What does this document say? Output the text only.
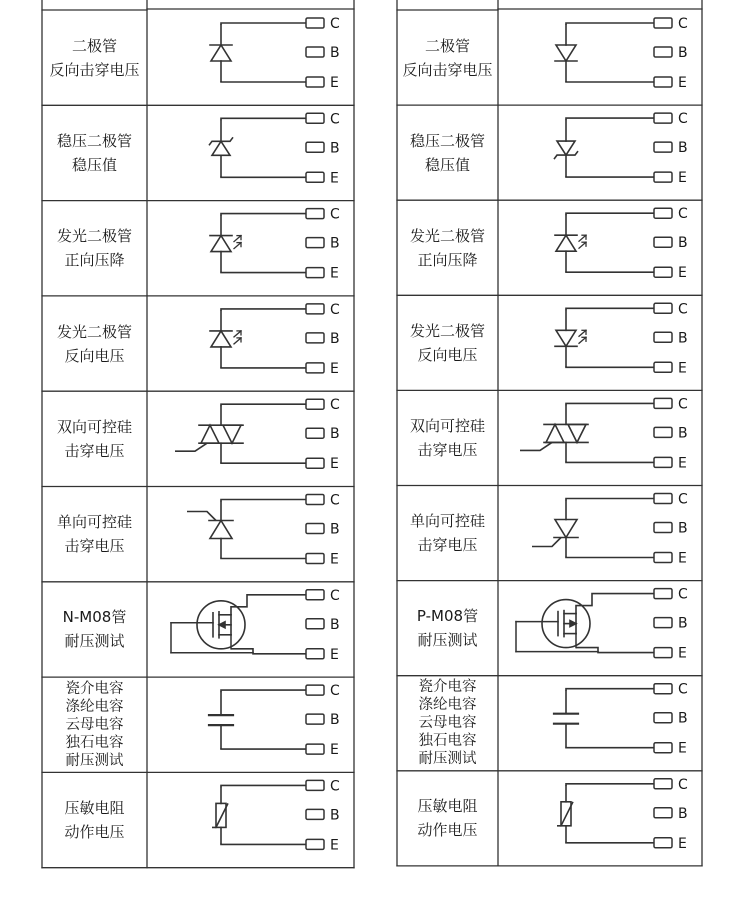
C
B
E
C
B
E
C
B
E
C
B
E
C
B
E
C
B
E
C
B
E
C
B
E
C
B
E
C
B
E
C
B
E
C
B
E
C
B
E
C
B
E
C
B
E
C
B
E
C
B
E
C
B
E
二极管
反向击穿电压
稳压二极管
稳压值
发光二极管
正向压降
发光二极管
反向电压
双向可控硅
击穿电压
单向可控硅
击穿电压
N-M08管
耐压测试
瓷介电容
涤纶电容
云母电容
独石电容
耐压测试
压敏电阻
动作电压
二极管
反向击穿电压
稳压二极管
稳压值
发光二极管
正向压降
发光二极管
反向电压
双向可控硅
击穿电压
单向可控硅
击穿电压
P-M08管
耐压测试
瓷介电容
涤纶电容
云母电容
独石电容
耐压测试
压敏电阻
动作电压
